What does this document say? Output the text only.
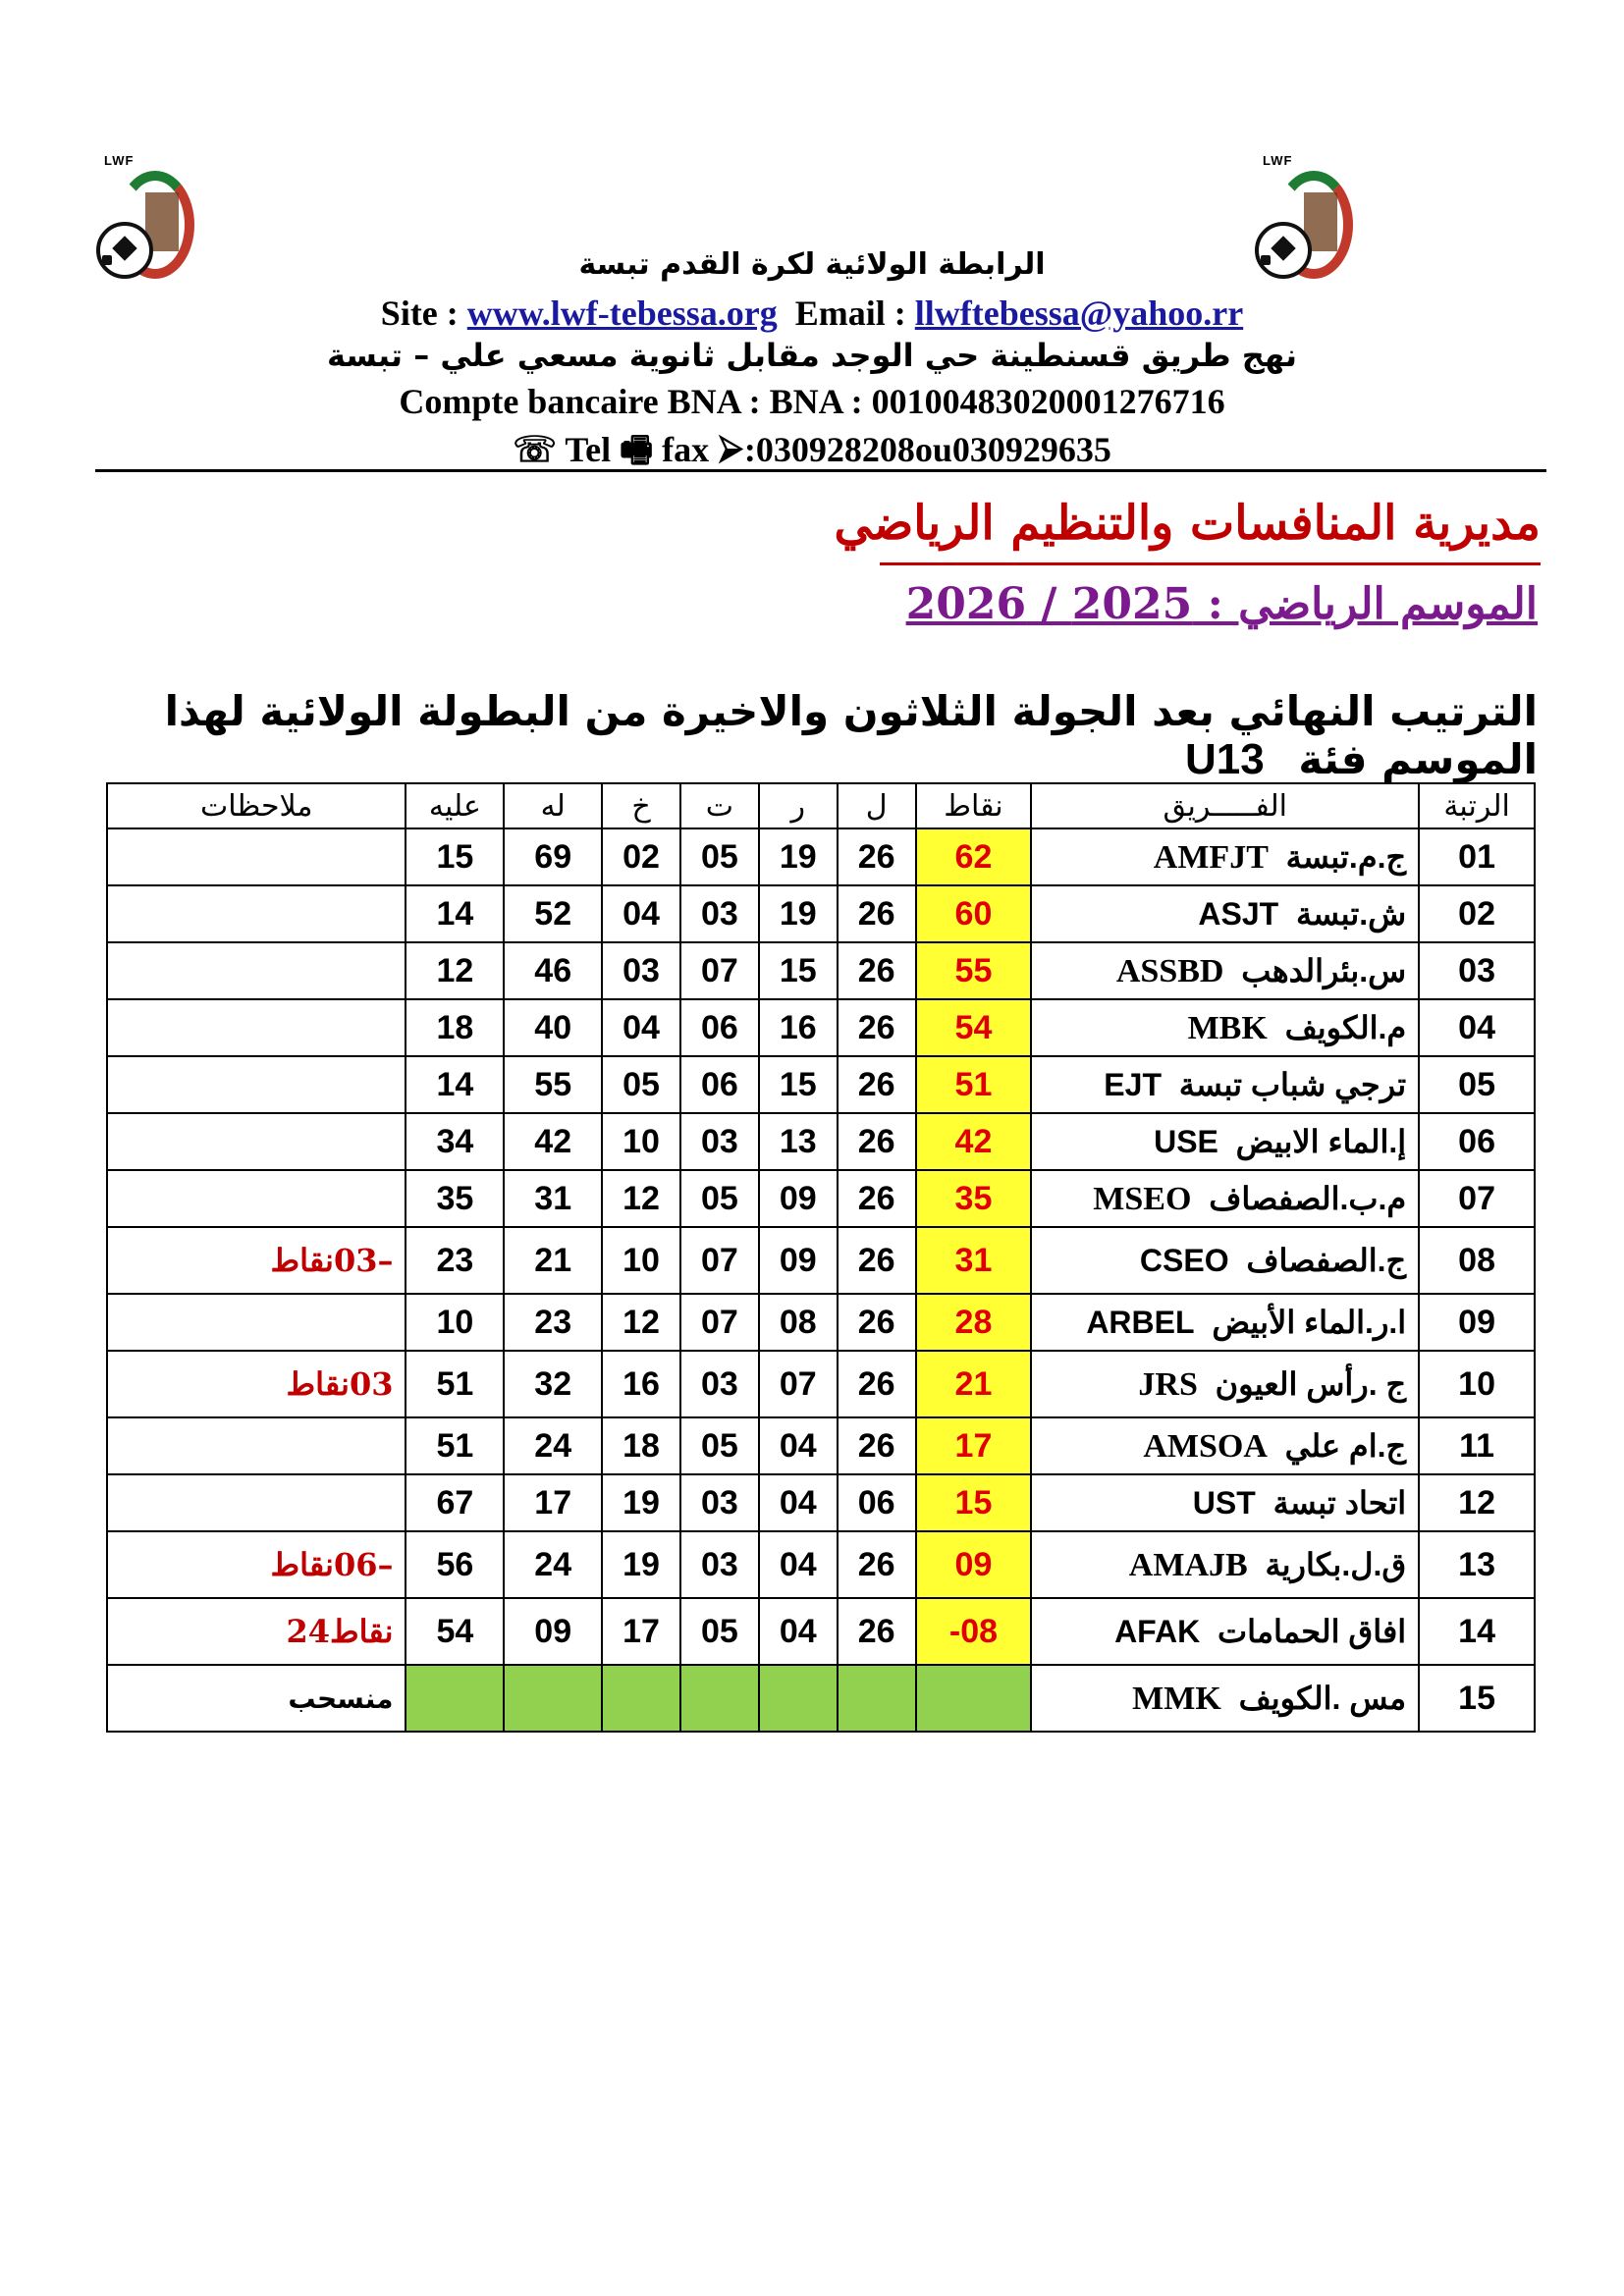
LWF	LWF
الرابطة الولائية لكرة القدم تبسة
Site : www.lwf-tebessa.org Email : llwftebessa@yahoo.rr
نهج طريق قسنطينة حي الوجد مقابل ثانوية مسعي علي – تبسة
Compte bancaire BNA : BNA : 00100483020001276716
☏ Tel 🖷 fax ⮚:030928208ou030929635
مديرية المنافسات والتنظيم الرياضي
الموسم الرياضي : 2025 / 2026
الترتيب النهائي بعد الجولة الثلاثون والاخيرة من البطولة الولائية لهذا الموسم فئة U13
الرتبة	الفـــــريق	نقاط	ل	ر	ت	خ	له	عليه	ملاحظات
01	ج.م.تبسة  AMFJT	62	26	19	05	02	69	15	
02	ش.تبسة  ASJT	60	26	19	03	04	52	14	
03	س.بئرالدهب  ASSBD	55	26	15	07	03	46	12	
04	م.الكويف  MBK	54	26	16	06	04	40	18	
05	ترجي شباب تبسة  EJT	51	26	15	06	05	55	14	
06	إ.الماء الابيض  USE	42	26	13	03	10	42	34	
07	م.ب.الصفصاف  MSEO	35	26	09	05	12	31	35	
08	ج.الصفصاف  CSEO	31	26	09	07	10	21	23	–03نقاط
09	ا.ر.الماء الأبيض  ARBEL	28	26	08	07	12	23	10	
10	ج .رأس العيون  JRS	21	26	07	03	16	32	51	03نقاط
11	ج.ام علي  AMSOA	17	26	04	05	18	24	51	
12	اتحاد تبسة  UST	15	06	04	03	19	17	67	
13	ق.ل.بكارية  AMAJB	09	26	04	03	19	24	56	–06نقاط
14	افاق الحمامات  AFAK	08-	26	04	05	17	09	54	نقاط24
15	مس .الكويف  MMK								منسحب
